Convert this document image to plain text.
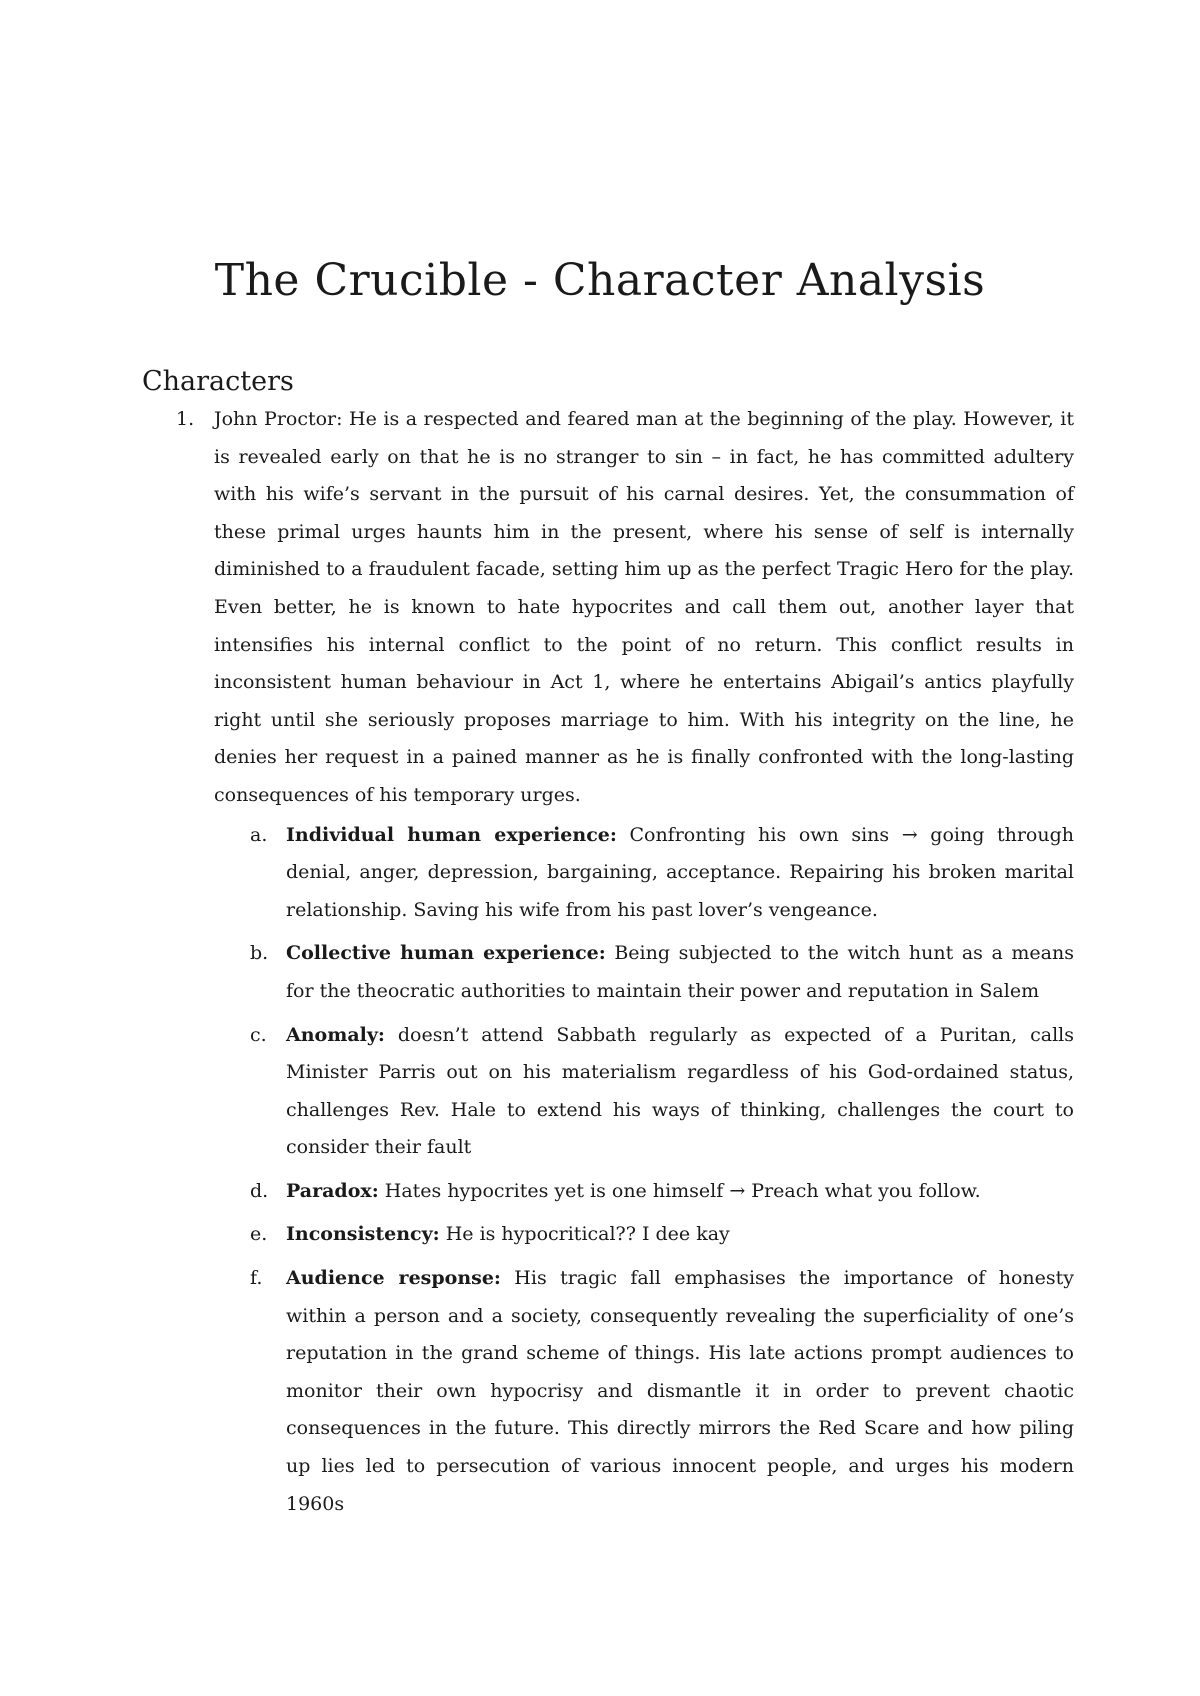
The Crucible - Character Analysis
Characters
1. John Proctor: He is a respected and feared man at the beginning of the play. However, it is revealed early on that he is no stranger to sin – in fact, he has committed adultery with his wife’s servant in the pursuit of his carnal desires. Yet, the consummation of these primal urges haunts him in the present, where his sense of self is internally diminished to a fraudulent facade, setting him up as the perfect Tragic Hero for the play. Even better, he is known to hate hypocrites and call them out, another layer that intensifies his internal conflict to the point of no return. This conflict results in inconsistent human behaviour in Act 1, where he entertains Abigail’s antics playfully right until she seriously proposes marriage to him. With his integrity on the line, he denies her request in a pained manner as he is finally confronted with the long-lasting consequences of his temporary urges.

a. Individual human experience: Confronting his own sins → going through denial, anger, depression, bargaining, acceptance. Repairing his broken marital relationship. Saving his wife from his past lover’s vengeance.

b. Collective human experience: Being subjected to the witch hunt as a means for the theocratic authorities to maintain their power and reputation in Salem

c. Anomaly: doesn’t attend Sabbath regularly as expected of a Puritan, calls Minister Parris out on his materialism regardless of his God-ordained status, challenges Rev. Hale to extend his ways of thinking, challenges the court to consider their fault

d. Paradox: Hates hypocrites yet is one himself → Preach what you follow.

e. Inconsistency: He is hypocritical?? I dee kay

f. Audience response: His tragic fall emphasises the importance of honesty within a person and a society, consequently revealing the superficiality of one’s reputation in the grand scheme of things. His late actions prompt audiences to monitor their own hypocrisy and dismantle it in order to prevent chaotic consequences in the future. This directly mirrors the Red Scare and how piling up lies led to persecution of various innocent people, and urges his modern 1960s
